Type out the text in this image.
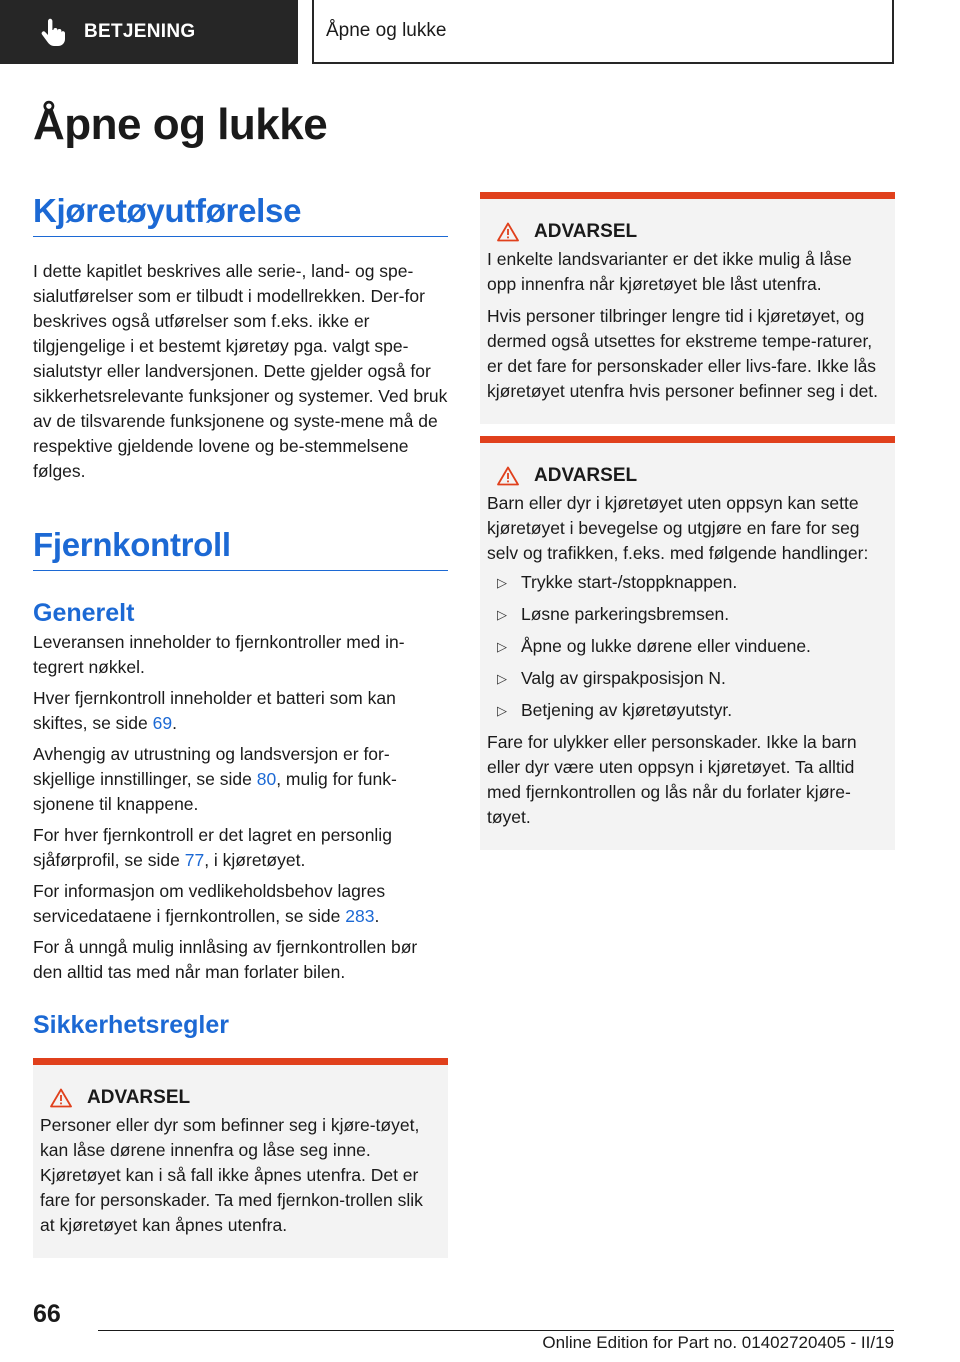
BETJENING	Åpne og lukke
Åpne og lukke
Kjøretøyutførelse

I dette kapitlet beskrives alle serie-, land- og spe-sialutførelser som er tilbudt i modellrekken. Der-for beskrives også utførelser som f.eks. ikke er tilgjengelige i et bestemt kjøretøy pga. valgt spe-sialutstyr eller landversjonen. Dette gjelder også for sikkerhetsrelevante funksjoner og systemer. Ved bruk av de tilsvarende funksjonene og syste-mene må de respektive gjeldende lovene og be-stemmelsene følges.

Fjernkontroll
Generelt

Leveransen inneholder to fjernkontroller med in-tegrert nøkkel.

Hver fjernkontroll inneholder et batteri som kan skiftes, se side 69.

Avhengig av utrustning og landsversjon er for-skjellige innstillinger, se side 80, mulig for funk-sjonene til knappene.

For hver fjernkontroll er det lagret en personlig sjåførprofil, se side 77, i kjøretøyet.

For informasjon om vedlikeholdsbehov lagres servicedataene i fjernkontrollen, se side 283.

For å unngå mulig innlåsing av fjernkontrollen bør den alltid tas med når man forlater bilen.

Sikkerhetsregler
ADVARSEL

Personer eller dyr som befinner seg i kjøre-tøyet, kan låse dørene innenfra og låse seg inne. Kjøretøyet kan i så fall ikke åpnes utenfra. Det er fare for personskader. Ta med fjernkon-trollen slik at kjøretøyet kan åpnes utenfra.

ADVARSEL

I enkelte landsvarianter er det ikke mulig å låse opp innenfra når kjøretøyet ble låst utenfra.

Hvis personer tilbringer lengre tid i kjøretøyet, og dermed også utsettes for ekstreme tempe-raturer, er det fare for personskader eller livs-fare. Ikke lås kjøretøyet utenfra hvis personer befinner seg i det.

ADVARSEL

Barn eller dyr i kjøretøyet uten oppsyn kan sette kjøretøyet i bevegelse og utgjøre en fare for seg selv og trafikken, f.eks. med følgende handlinger:

▷ Trykke start-/stoppknappen.
▷ Løsne parkeringsbremsen.
▷ Åpne og lukke dørene eller vinduene.
▷ Valg av girspakposisjon N.
▷ Betjening av kjøretøyutstyr.

Fare for ulykker eller personskader. Ikke la barn eller dyr være uten oppsyn i kjøretøyet. Ta alltid med fjernkontrollen og lås når du forlater kjøre-tøyet.

66
Online Edition for Part no. 01402720405 - II/19
